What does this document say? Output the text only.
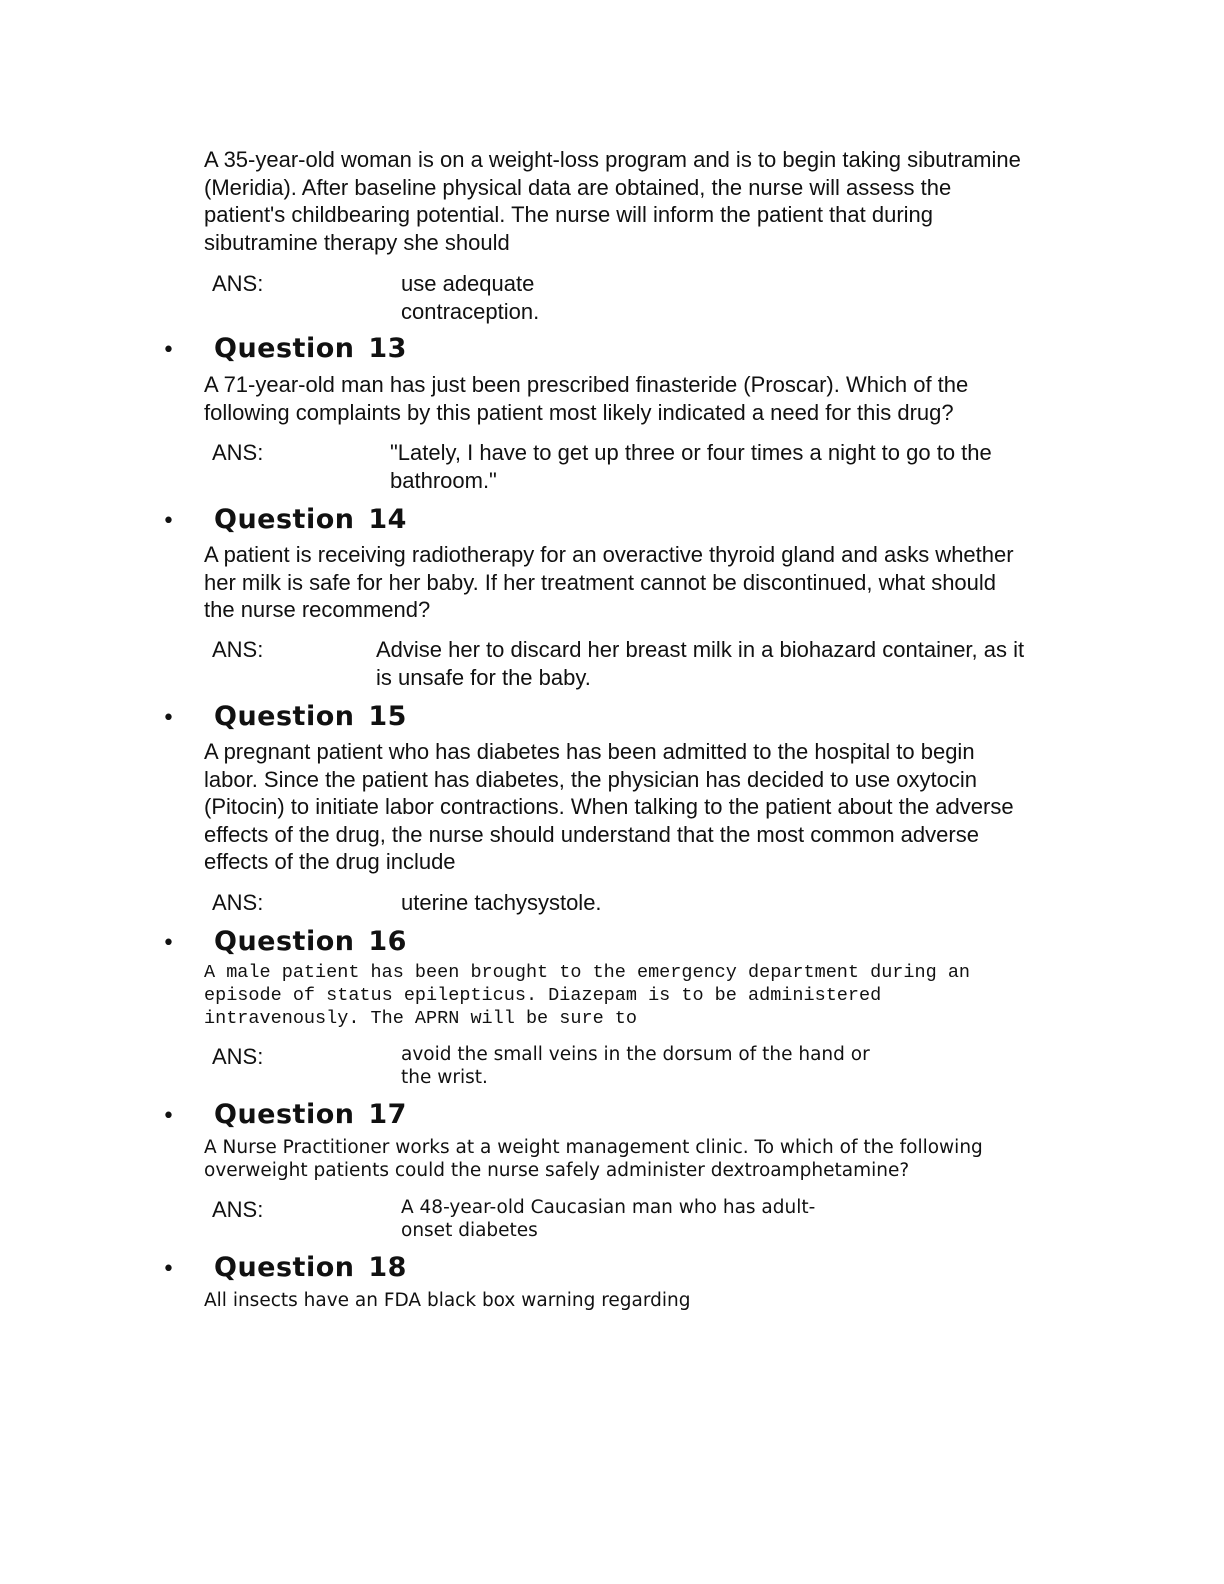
A 35-year-old woman is on a weight-loss program and is to begin taking sibutramine
(Meridia). After baseline physical data are obtained, the nurse will assess the
patient's childbearing potential. The nurse will inform the patient that during
sibutramine therapy she should
ANS:	use adequate
contraception.
• Question 13
A 71-year-old man has just been prescribed finasteride (Proscar). Which of the
following complaints by this patient most likely indicated a need for this drug?
ANS:	"Lately, I have to get up three or four times a night to go to the
bathroom."
• Question 14
A patient is receiving radiotherapy for an overactive thyroid gland and asks whether
her milk is safe for her baby. If her treatment cannot be discontinued, what should
the nurse recommend?
ANS:	Advise her to discard her breast milk in a biohazard container, as it
is unsafe for the baby.
• Question 15
A pregnant patient who has diabetes has been admitted to the hospital to begin
labor. Since the patient has diabetes, the physician has decided to use oxytocin
(Pitocin) to initiate labor contractions. When talking to the patient about the adverse
effects of the drug, the nurse should understand that the most common adverse
effects of the drug include
ANS:	uterine tachysystole.
• Question 16
A male patient has been brought to the emergency department during an
episode of status epilepticus. Diazepam is to be administered
intravenously. The APRN will be sure to
ANS:	avoid the small veins in the dorsum of the hand or
the wrist.
• Question 17
A Nurse Practitioner works at a weight management clinic. To which of the following
overweight patients could the nurse safely administer dextroamphetamine?
ANS:	A 48-year-old Caucasian man who has adult-
onset diabetes
• Question 18
All insects have an FDA black box warning regarding
